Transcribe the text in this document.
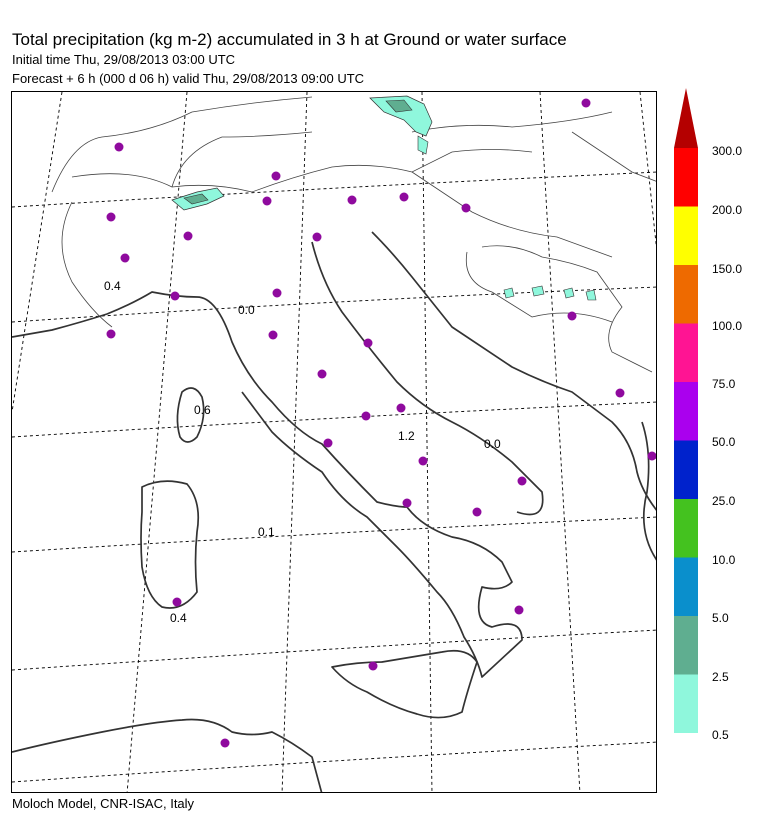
Total precipitation (kg m-2) accumulated in 3 h at Ground or water surface
Initial time Thu, 29/08/2013 03:00 UTC
Forecast + 6 h (000 d 06 h) valid Thu, 29/08/2013 09:00 UTC
0.4
0.0
0.6
0.1
1.2
0.0
0.4
300.0
200.0
150.0
100.0
75.0
50.0
25.0
10.0
5.0
2.5
0.5
Moloch Model, CNR-ISAC, Italy
